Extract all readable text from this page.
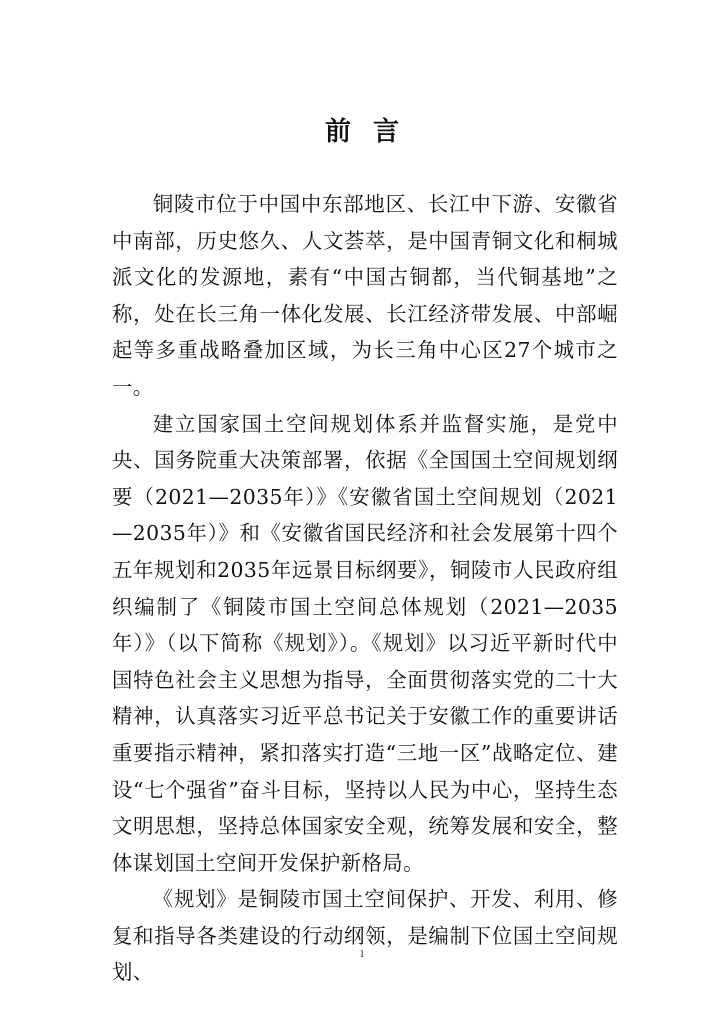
前言

铜陵市位于中国中东部地区、长江中下游、安徽省中南部，历史悠久、人文荟萃，是中国青铜文化和桐城派文化的发源地，素有“中国古铜都，当代铜基地”之称，处在长三角一体化发展、长江经济带发展、中部崛起等多重战略叠加区域，为长三角中心区27个城市之一。

建立国家国土空间规划体系并监督实施，是党中央、国务院重大决策部署，依据《全国国土空间规划纲要（2021—2035年）》《安徽省国土空间规划（2021—2035年）》和《安徽省国民经济和社会发展第十四个五年规划和2035年远景目标纲要》，铜陵市人民政府组织编制了《铜陵市国土空间总体规划（2021—2035年）》（以下简称《规划》）。《规划》以习近平新时代中国特色社会主义思想为指导，全面贯彻落实党的二十大精神，认真落实习近平总书记关于安徽工作的重要讲话重要指示精神，紧扣落实打造“三地一区”战略定位、建设“七个强省”奋斗目标，坚持以人民为中心，坚持生态文明思想，坚持总体国家安全观，统筹发展和安全，整体谋划国土空间开发保护新格局。

《规划》是铜陵市国土空间保护、开发、利用、修复和指导各类建设的行动纲领，是编制下位国土空间规划、

1
